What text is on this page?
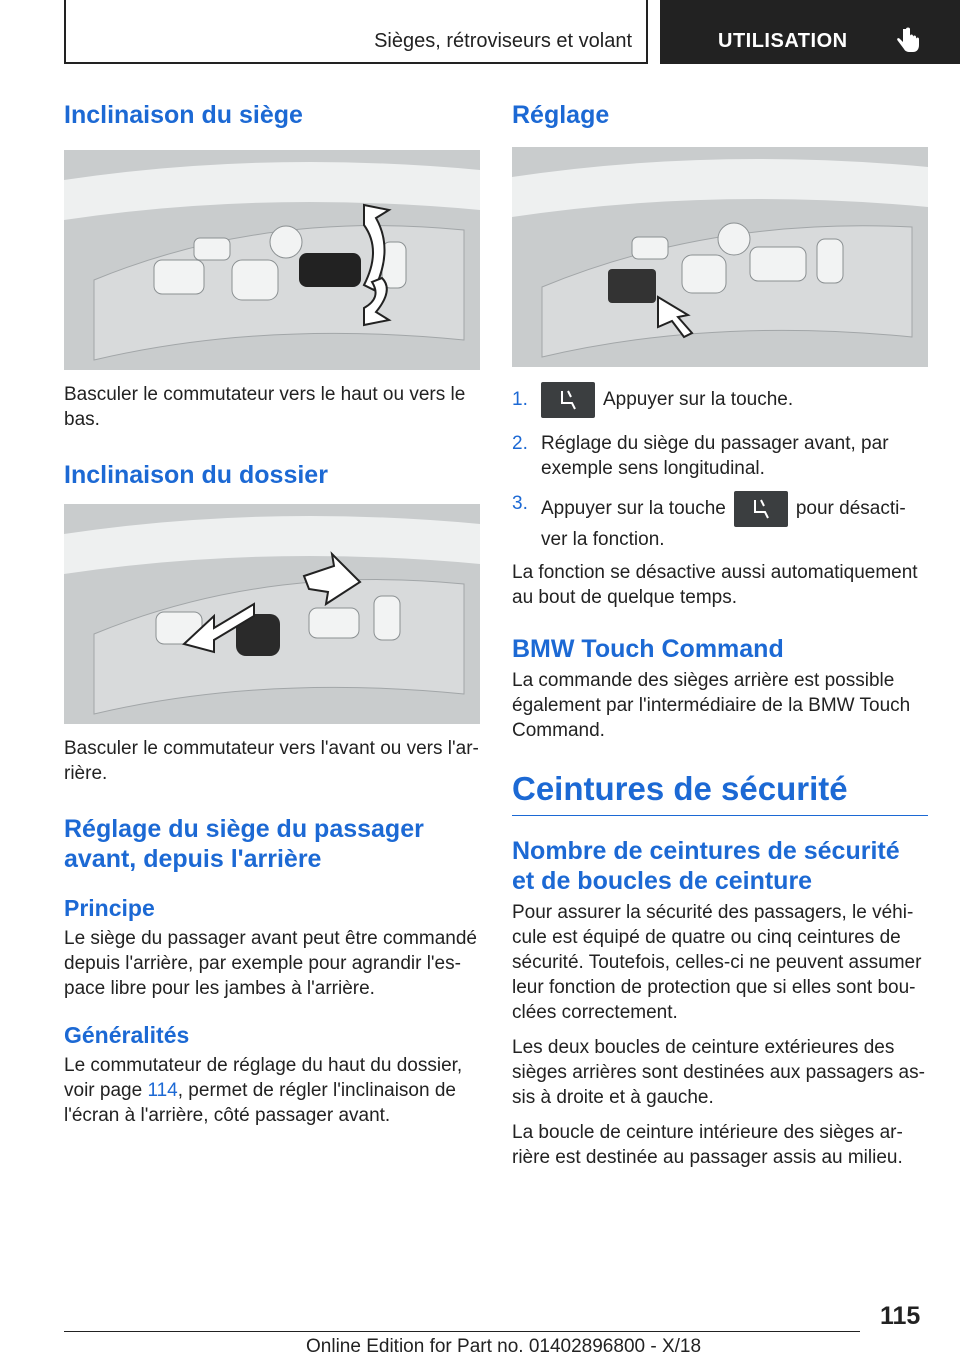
Sièges, rétroviseurs et volant	UTILISATION
Inclinaison du siège

Basculer le commutateur vers le haut ou vers le bas.

Inclinaison du dossier

Basculer le commutateur vers l'avant ou vers l'ar‐rière.

Réglage du siège du passager avant, depuis l'arrière
Principe

Le siège du passager avant peut être commandé depuis l'arrière, par exemple pour agrandir l'es‐pace libre pour les jambes à l'arrière.

Généralités

Le commutateur de réglage du haut du dossier, voir page 114, permet de régler l'inclinaison de l'écran à l'arrière, côté passager avant.

Réglage
1.	Appuyer sur la touche.
2. Réglage du siège du passager avant, par exemple sens longitudinal.
3. Appuyer sur la touche	pour désacti‐ver la fonction.

La fonction se désactive aussi automatiquement au bout de quelque temps.

BMW Touch Command

La commande des sièges arrière est possible également par l'intermédiaire de la BMW Touch Command.

Ceintures de sécurité
Nombre de ceintures de sécurité et de boucles de ceinture

Pour assurer la sécurité des passagers, le véhi‐cule est équipé de quatre ou cinq ceintures de sécurité. Toutefois, celles-ci ne peuvent assumer leur fonction de protection que si elles sont bou‐clées correctement.

Les deux boucles de ceinture extérieures des sièges arrières sont destinées aux passagers as‐sis à droite et à gauche.

La boucle de ceinture intérieure des sièges ar‐rière est destinée au passager assis au milieu.

115
Online Edition for Part no. 01402896800 - X/18
